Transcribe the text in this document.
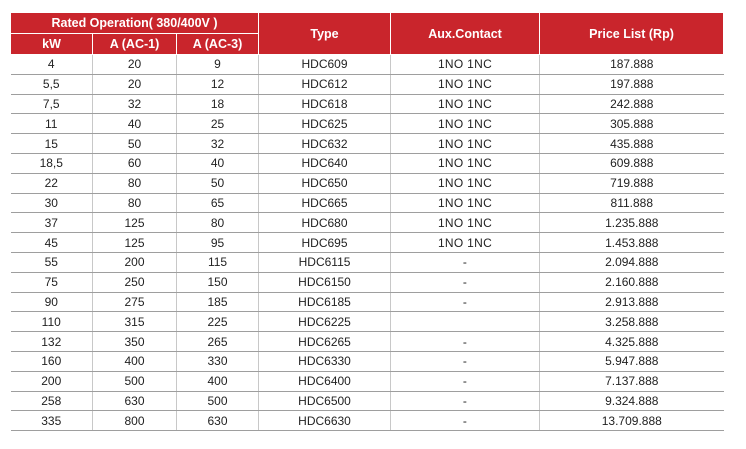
Rated Operation( 380/400V )			Type	Aux.Contact	Price List (Rp)
kW	A (AC-1)	A (AC-3)			
4	20	9	HDC609	1NO 1NC	187.888
5,5	20	12	HDC612	1NO 1NC	197.888
7,5	32	18	HDC618	1NO 1NC	242.888
11	40	25	HDC625	1NO 1NC	305.888
15	50	32	HDC632	1NO 1NC	435.888
18,5	60	40	HDC640	1NO 1NC	609.888
22	80	50	HDC650	1NO 1NC	719.888
30	80	65	HDC665	1NO 1NC	811.888
37	125	80	HDC680	1NO 1NC	1.235.888
45	125	95	HDC695	1NO 1NC	1.453.888
55	200	115	HDC6115	-	2.094.888
75	250	150	HDC6150	-	2.160.888
90	275	185	HDC6185	-	2.913.888
110	315	225	HDC6225		3.258.888
132	350	265	HDC6265	-	4.325.888
160	400	330	HDC6330	-	5.947.888
200	500	400	HDC6400	-	7.137.888
258	630	500	HDC6500	-	9.324.888
335	800	630	HDC6630	-	13.709.888
